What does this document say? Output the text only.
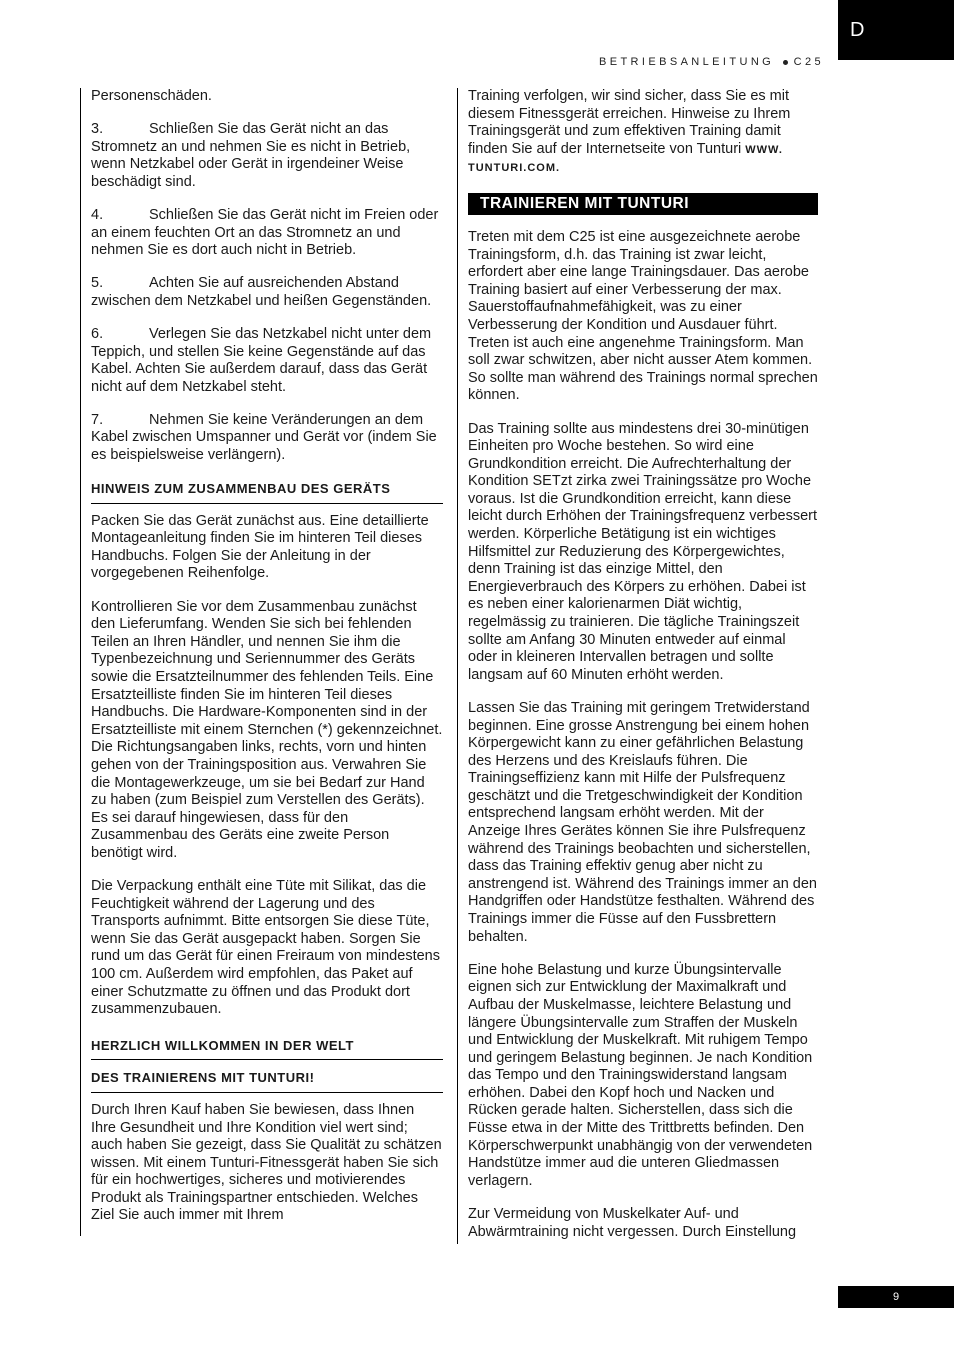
D
BETRIEBSANLEITUNG C25

Personenschäden.

3.	Schließen Sie das Gerät nicht an das Stromnetz an und nehmen Sie es nicht in Betrieb, wenn Netzkabel oder Gerät in irgendeiner Weise beschädigt sind.

4.	Schließen Sie das Gerät nicht im Freien oder an einem feuchten Ort an das Stromnetz an und nehmen Sie es dort auch nicht in Betrieb.

5.	Achten Sie auf ausreichenden Abstand zwischen dem Netzkabel und heißen Gegenständen.

6.	Verlegen Sie das Netzkabel nicht unter dem Teppich, und stellen Sie keine Gegenstände auf das Kabel. Achten Sie außerdem darauf, dass das Gerät nicht auf dem Netzkabel steht.

7.	Nehmen Sie keine Veränderungen an dem Kabel zwischen Umspanner und Gerät vor (indem Sie es beispielsweise verlängern).

HINWEIS ZUM ZUSAMMENBAU DES GERÄTS

Packen Sie das Gerät zunächst aus. Eine detaillierte Montageanleitung finden Sie im hinteren Teil dieses Handbuchs. Folgen Sie der Anleitung in der vorgegebenen Reihenfolge.

Kontrollieren Sie vor dem Zusammenbau zunächst den Lieferumfang. Wenden Sie sich bei fehlenden Teilen an Ihren Händler, und nennen Sie ihm die Typenbezeichnung und Seriennummer des Geräts sowie die Ersatzteilnummer des fehlenden Teils. Eine Ersatzteilliste finden Sie im hinteren Teil dieses Handbuchs. Die Hardware-Komponenten sind in der Ersatzteilliste mit einem Sternchen (*) gekennzeichnet. Die Richtungsangaben links, rechts, vorn und hinten gehen von der Trainingsposition aus. Verwahren Sie die Montagewerkzeuge, um sie bei Bedarf zur Hand zu haben (zum Beispiel zum Verstellen des Geräts). Es sei darauf hingewiesen, dass für den Zusammenbau des Geräts eine zweite Person benötigt wird.

Die Verpackung enthält eine Tüte mit Silikat, das die Feuchtigkeit während der Lagerung und des Transports aufnimmt. Bitte entsorgen Sie diese Tüte, wenn Sie das Gerät ausgepackt haben. Sorgen Sie rund um das Gerät für einen Freiraum von mindestens 100 cm. Außerdem wird empfohlen, das Paket auf einer Schutzmatte zu öffnen und das Produkt dort zusammenzubauen.

HERZLICH WILLKOMMEN IN DER WELT
DES TRAINIERENS MIT TUNTURI!

Durch Ihren Kauf haben Sie bewiesen, dass Ihnen Ihre Gesundheit und Ihre Kondition viel wert sind; auch haben Sie gezeigt, dass Sie Qualität zu schätzen wissen. Mit einem Tunturi-Fitnessgerät haben Sie sich für ein hochwertiges, sicheres und motivierendes Produkt als Trainingspartner entschieden. Welches Ziel Sie auch immer mit Ihrem

Training verfolgen, wir sind sicher, dass Sie es mit diesem Fitnessgerät erreichen. Hinweise zu Ihrem Trainingsgerät und zum effektiven Training damit finden Sie auf der Internetseite von Tunturi WWW. TUNTURI.COM.

TRAINIEREN MIT TUNTURI

Treten mit dem C25 ist eine ausgezeichnete aerobe Trainingsform, d.h. das Training ist zwar leicht, erfordert aber eine lange Trainingsdauer. Das aerobe Training basiert auf einer Verbesserung der max. Sauerstoffaufnahmefähigkeit, was zu einer Verbesserung der Kondition und Ausdauer führt. Treten ist auch eine angenehme Trainingsform. Man soll zwar schwitzen, aber nicht ausser Atem kommen. So sollte man während des Trainings normal sprechen können.

Das Training sollte aus mindestens drei 30-minütigen Einheiten pro Woche bestehen. So wird eine Grundkondition erreicht. Die Aufrechterhaltung der Kondition SETzt zirka zwei Trainingssätze pro Woche voraus. Ist die Grundkondition erreicht, kann diese leicht durch Erhöhen der Trainingsfrequenz verbessert werden. Körperliche Betätigung ist ein wichtiges Hilfsmittel zur Reduzierung des Körpergewichtes, denn Training ist das einzige Mittel, den Energieverbrauch des Körpers zu erhöhen. Dabei ist es neben einer kalorienarmen Diät wichtig, regelmässig zu trainieren. Die tägliche Trainingszeit sollte am Anfang 30 Minuten entweder auf einmal oder in kleineren Intervallen betragen und sollte langsam auf 60 Minuten erhöht werden.

Lassen Sie das Training mit geringem Tretwiderstand beginnen. Eine grosse Anstrengung bei einem hohen Körpergewicht kann zu einer gefährlichen Belastung des Herzens und des Kreislaufs führen. Die Trainingseffizienz kann mit Hilfe der Pulsfrequenz geschätzt und die Tretgeschwindigkeit der Kondition entsprechend langsam erhöht werden. Mit der Anzeige Ihres Gerätes können Sie ihre Pulsfrequenz während des Trainings beobachten und sicherstellen, dass das Training effektiv genug aber nicht zu anstrengend ist. Während des Trainings immer an den Handgriffen oder Handstütze festhalten. Während des Trainings immer die Füsse auf den Fussbrettern behalten.

Eine hohe Belastung und kurze Übungsintervalle eignen sich zur Entwicklung der Maximalkraft und Aufbau der Muskelmasse, leichtere Belastung und längere Übungsintervalle zum Straffen der Muskeln und Entwicklung der Muskelkraft. Mit ruhigem Tempo und geringem Belastung beginnen. Je nach Kondition das Tempo und den Trainingswiderstand langsam erhöhen. Dabei den Kopf hoch und Nacken und Rücken gerade halten. Sicherstellen, dass sich die Füsse etwa in der Mitte des Trittbretts befinden. Den Körperschwerpunkt unabhängig von der verwendeten Handstütze immer aud die unteren Gliedmassen verlagern.

Zur Vermeidung von Muskelkater Auf- und Abwärmtraining nicht vergessen. Durch Einstellung

9
